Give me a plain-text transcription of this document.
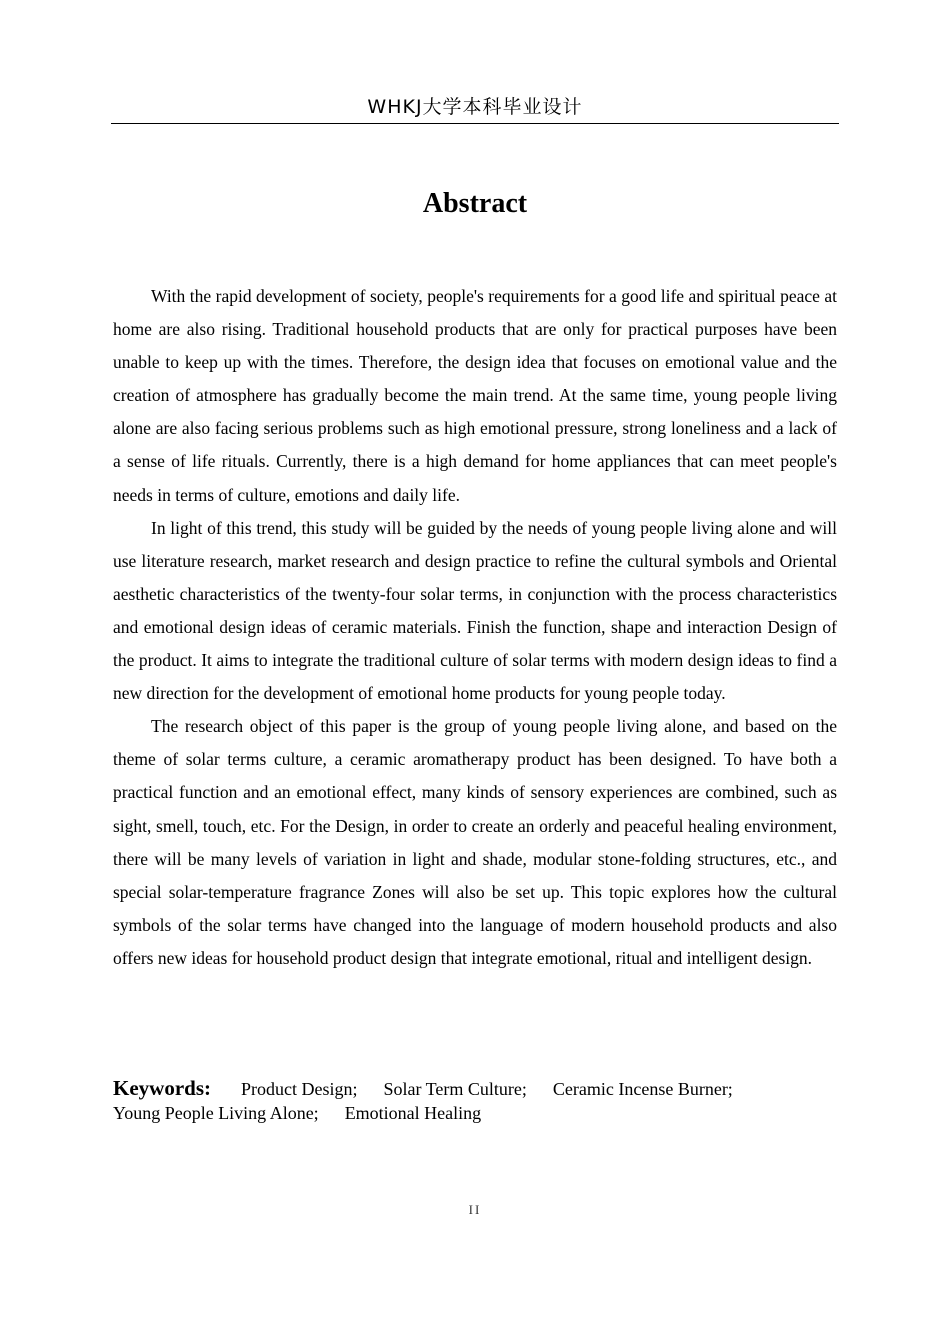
WHKJ大学本科毕业设计
Abstract

With the rapid development of society, people's requirements for a good life and spiritual peace at home are also rising. Traditional household products that are only for practical purposes have been unable to keep up with the times. Therefore, the design idea that focuses on emotional value and the creation of atmosphere has gradually become the main trend. At the same time, young people living alone are also facing serious problems such as high emotional pressure, strong loneliness and a lack of a sense of life rituals. Currently, there is a high demand for home appliances that can meet people's needs in terms of culture, emotions and daily life.

In light of this trend, this study will be guided by the needs of young people living alone and will use literature research, market research and design practice to refine the cultural symbols and Oriental aesthetic characteristics of the twenty-four solar terms, in conjunction with the process characteristics and emotional design ideas of ceramic materials. Finish the function, shape and interaction Design of the product. It aims to integrate the traditional culture of solar terms with modern design ideas to find a new direction for the development of emotional home products for young people today.

The research object of this paper is the group of young people living alone, and based on the theme of solar terms culture, a ceramic aromatherapy product has been designed. To have both a practical function and an emotional effect, many kinds of sensory experiences are combined, such as sight, smell, touch, etc. For the Design, in order to create an orderly and peaceful healing environment, there will be many levels of variation in light and shade, modular stone-folding structures, etc., and special solar-temperature fragrance Zones will also be set up. This topic explores how the cultural symbols of the solar terms have changed into the language of modern household products and also offers new ideas for household product design that integrate emotional, ritual and intelligent design.

Keywords: Product Design; Solar Term Culture; Ceramic Incense Burner;
Young People Living Alone; Emotional Healing
II
